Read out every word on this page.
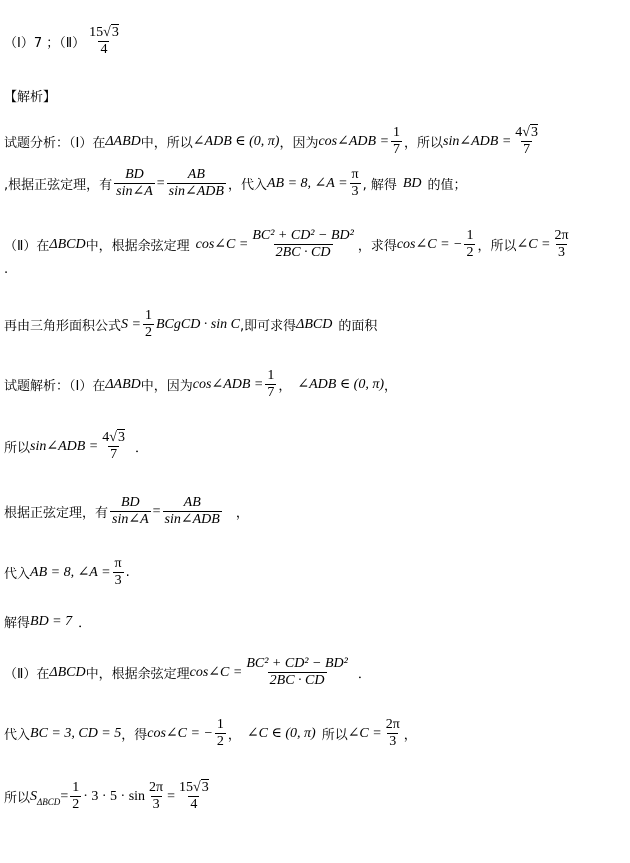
（Ⅰ）7 ；（Ⅱ） $\frac{15√3}{4}$
【解析】
试题分析：（Ⅰ）在 ΔABD 中，所以 ∠ADB ∈ (0, π) ，因为 cos∠ADB = $\frac{1}{7}$ ，所以 sin∠ADB = $\frac{4√3}{7}$
,根据正弦定理，有 $\frac{BD}{\sin\angle A} = \frac{AB}{\text{sin∠ADB}}$ ，代入 AB = 8, ∠A = $\frac{\pi}{3}$ , 解得 BD 的值；
（Ⅱ）在 ΔBCD 中，根据余弦定理 cos∠C = $\frac{\text{BC² + CD² − BD²}}{2BC \cdot CD}$ ，求得 cos∠C = − $\frac{1}{2}$ ，所以 ∠C = $\frac{2\pi}{3}$
.
再由三角形面积公式 $S = \frac{1}{2}$ BCgCD · sin C ,即可求得 ΔBCD 的面积
试题解析：（Ⅰ）在 ΔABD 中，因为 cos∠ADB = $\frac{1}{7}$ ， ∠ADB ∈ (0, π) ，
所以 sin∠ADB = $\frac{4√3}{7}$ ．
根据正弦定理，有 $\frac{BD}{\sin\angle A} = \frac{AB}{\text{sin∠ADB}}$ ，
代入 AB = 8, ∠A = $\frac{\pi}{3}$ .
解得 BD = 7 ．
（Ⅱ）在 ΔBCD 中，根据余弦定理 cos∠C = $\frac{\text{BC² + CD² − BD²}}{2BC \cdot CD}$ ．
代入 BC = 3, CD = 5 ，得 cos∠C = − $\frac{1}{2}$ ， ∠C ∈ (0, π) 所以 ∠C = $\frac{2\pi}{3}$ ，
所以 S $\Delta BCD = \frac{1}{2} \cdot 3 \cdot 5 \cdot \sin \frac{2\pi}{3} = \frac{15√3}{4}$
